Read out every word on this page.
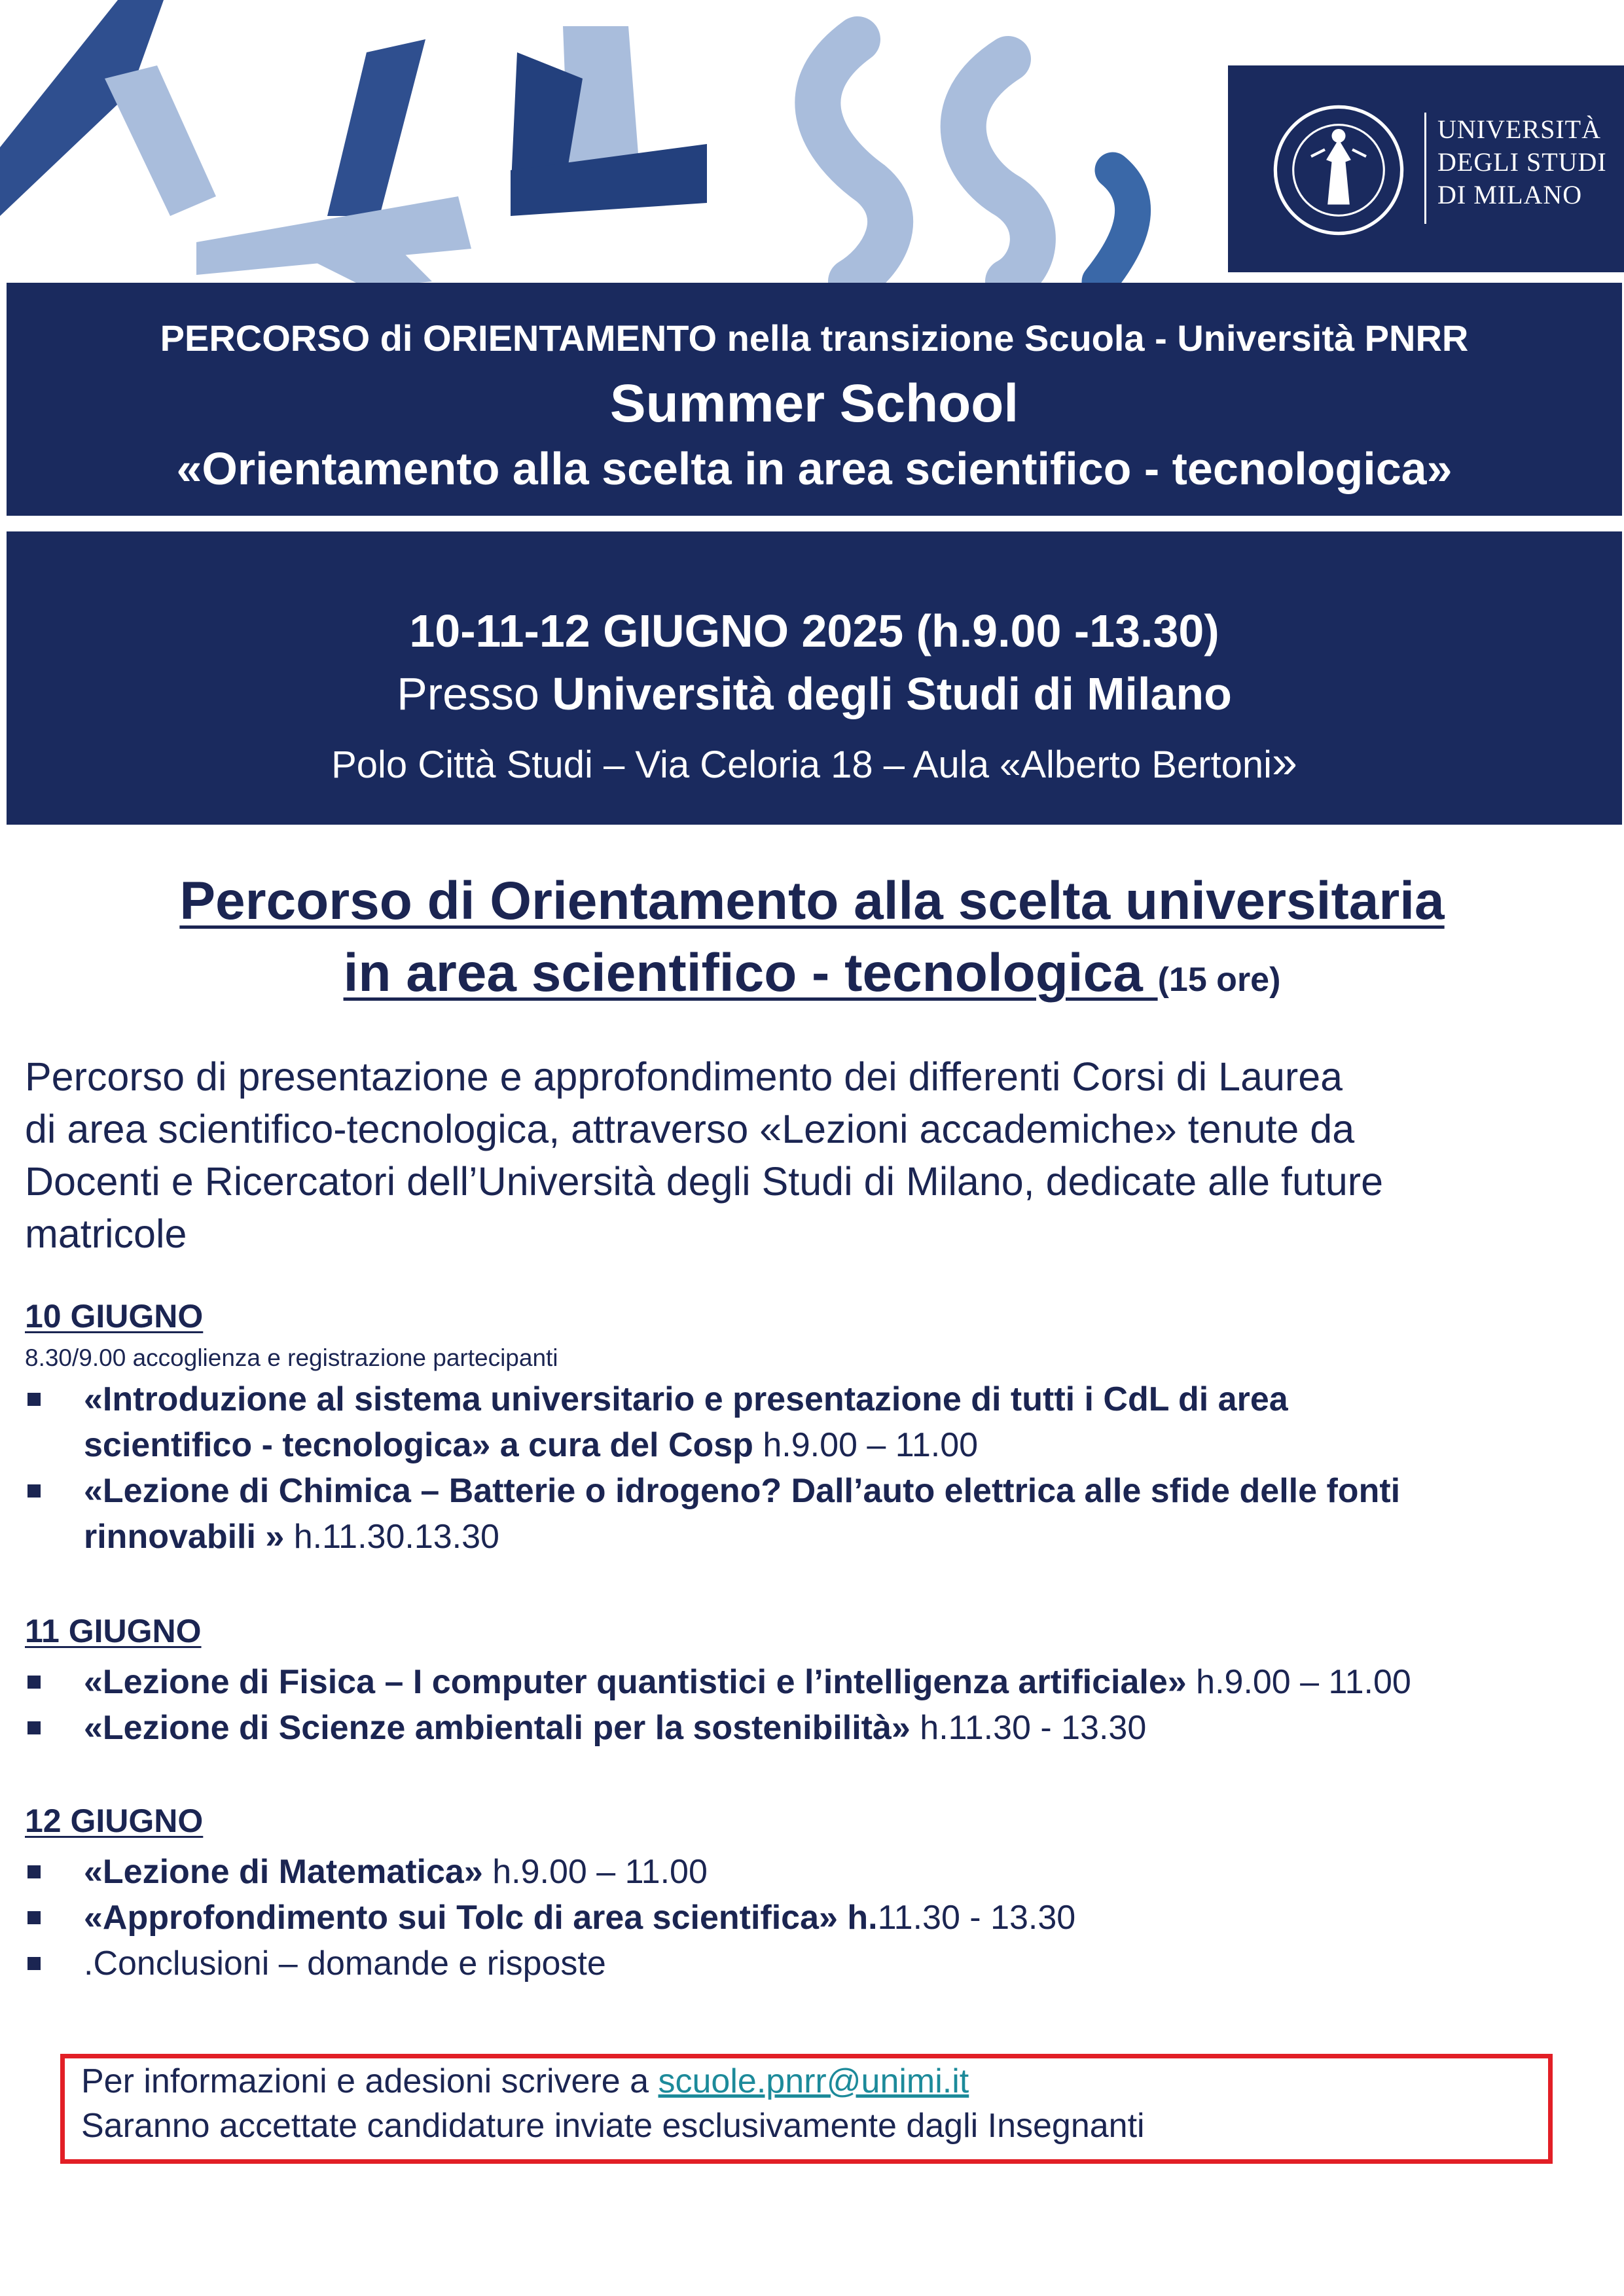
UNIVERSITÀ
DEGLI STUDI
DI MILANO
PERCORSO di ORIENTAMENTO nella transizione Scuola - Università PNRR
Summer School
«Orientamento alla scelta in area scientifico - tecnologica»
10-11-12 GIUGNO 2025 (h.9.00 -13.30)
Presso Università degli Studi di Milano
Polo Città Studi – Via Celoria 18 – Aula «Alberto Bertoni»
Percorso di Orientamento alla scelta universitaria
in area scientifico - tecnologica (15 ore)
Percorso di presentazione e approfondimento dei differenti Corsi di Laurea
di area scientifico-tecnologica, attraverso «Lezioni accademiche» tenute da
Docenti e Ricercatori dell’Università degli Studi di Milano, dedicate alle future
matricole
10 GIUGNO
8.30/9.00 accoglienza e registrazione partecipanti
«Introduzione al sistema universitario e presentazione di tutti i CdL di area
scientifico - tecnologica» a cura del Cosp h.9.00 – 11.00
«Lezione di Chimica – Batterie o idrogeno? Dall’auto elettrica alle sfide delle fonti
rinnovabili » h.11.30.13.30
11 GIUGNO
«Lezione di Fisica – I computer quantistici e l’intelligenza artificiale» h.9.00 – 11.00
«Lezione di Scienze ambientali per la sostenibilità» h.11.30 - 13.30
12 GIUGNO
«Lezione di Matematica» h.9.00 – 11.00
«Approfondimento sui Tolc di area scientifica» h.11.30 - 13.30
.Conclusioni – domande e risposte
Per informazioni e adesioni scrivere a scuole.pnrr@unimi.it
Saranno accettate candidature inviate esclusivamente dagli Insegnanti
